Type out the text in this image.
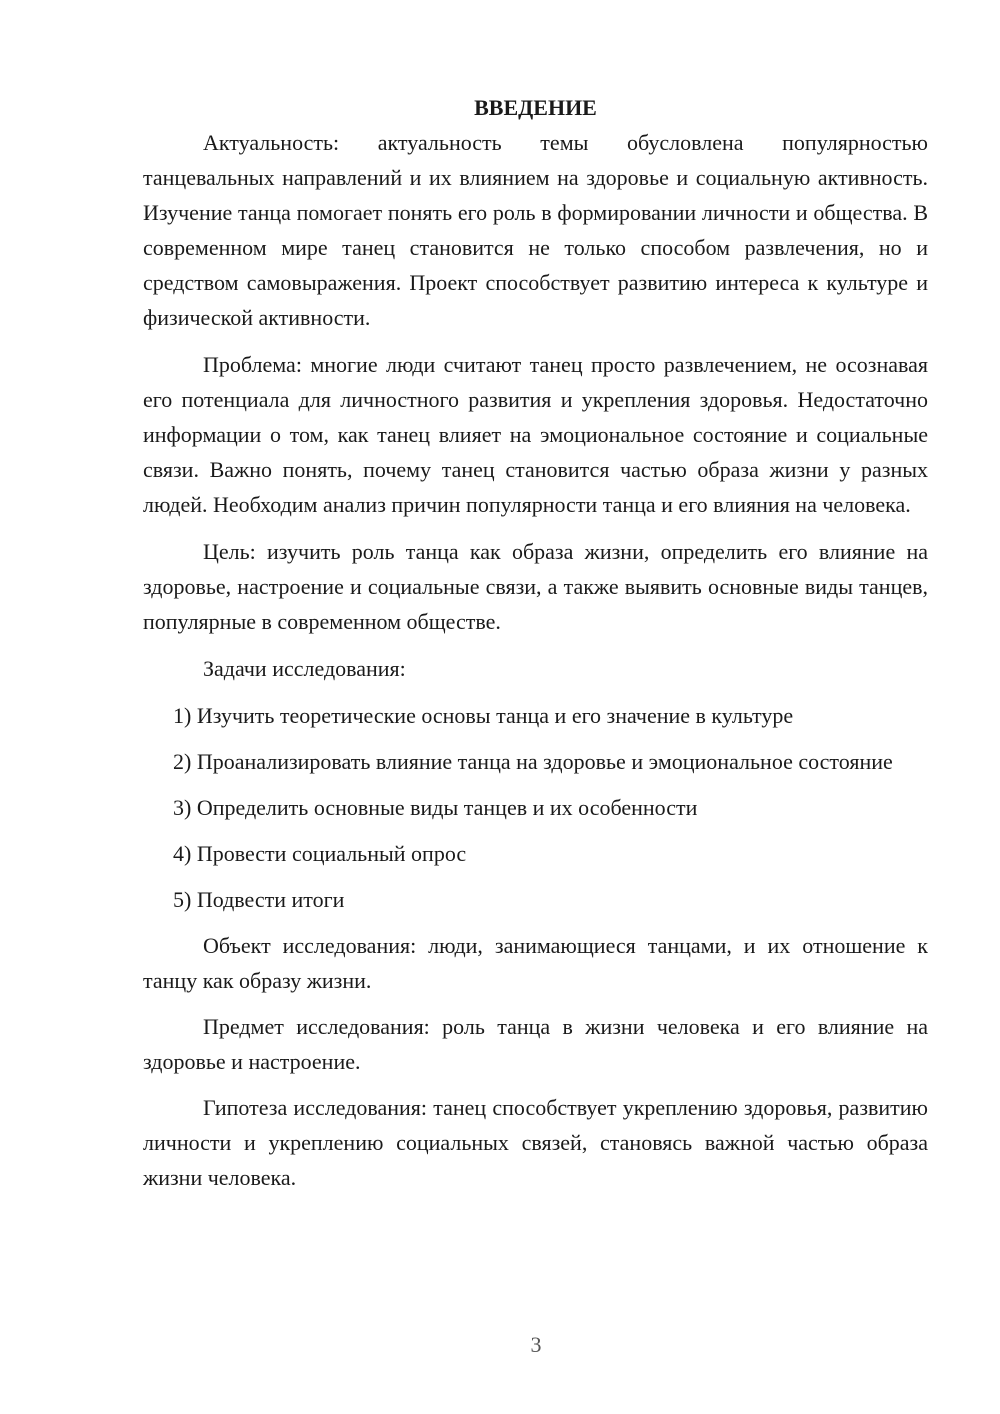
ВВЕДЕНИЕ

Актуальность: актуальность темы обусловлена популярностью танцевальных направлений и их влиянием на здоровье и социальную активность. Изучение танца помогает понять его роль в формировании личности и общества. В современном мире танец становится не только способом развлечения, но и средством самовыражения. Проект способствует развитию интереса к культуре и физической активности.

Проблема: многие люди считают танец просто развлечением, не осознавая его потенциала для личностного развития и укрепления здоровья. Недостаточно информации о том, как танец влияет на эмоциональное состояние и социальные связи. Важно понять, почему танец становится частью образа жизни у разных людей. Необходим анализ причин популярности танца и его влияния на человека.

Цель: изучить роль танца как образа жизни, определить его влияние на здоровье, настроение и социальные связи, а также выявить основные виды танцев, популярные в современном обществе.

Задачи исследования:

1) Изучить теоретические основы танца и его значение в культуре

2) Проанализировать влияние танца на здоровье и эмоциональное состояние

3) Определить основные виды танцев и их особенности

4) Провести социальный опрос

5) Подвести итоги

Объект исследования: люди, занимающиеся танцами, и их отношение к танцу как образу жизни.

Предмет исследования: роль танца в жизни человека и его влияние на здоровье и настроение.

Гипотеза исследования: танец способствует укреплению здоровья, развитию личности и укреплению социальных связей, становясь важной частью образа жизни человека.

3
